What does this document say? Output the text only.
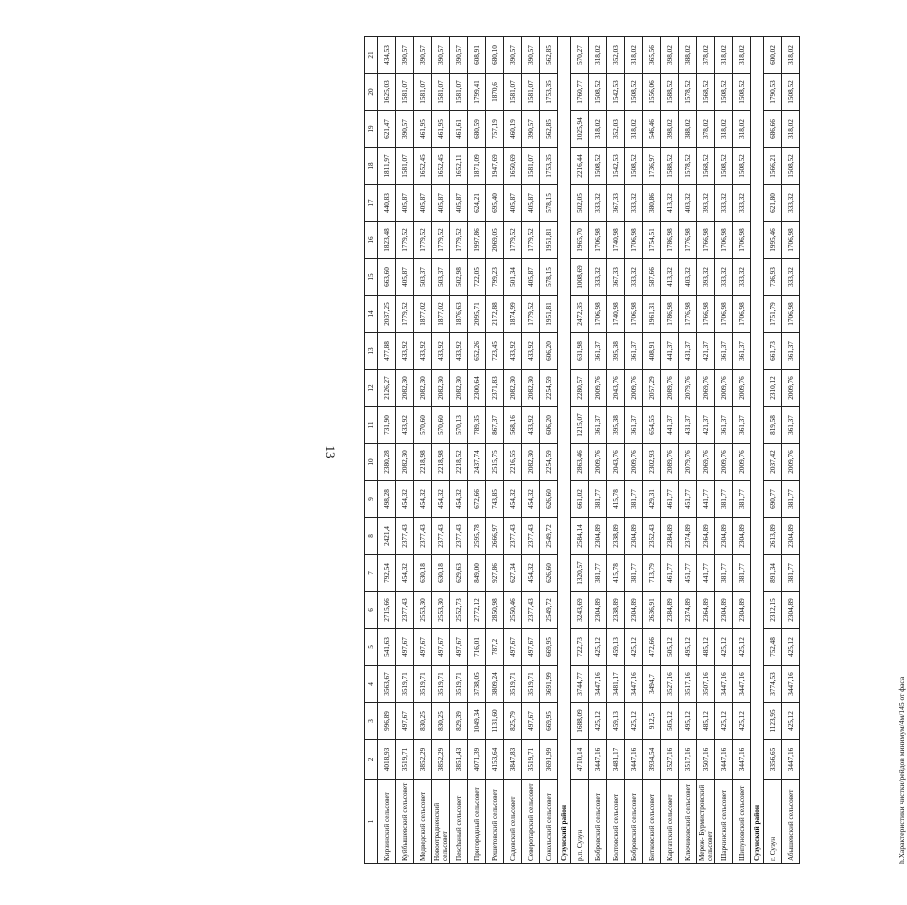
13
1	2	3	4	5	6	7	8	9	10	11	12	13	14	15	16	17	18	19	20	21
Кирзинский сельсовет	4018,93	996,89	3563,67	541,63	2715,66	792,54	2421,4	498,28	2380,28	731,90	2126,27	477,88	2037,25	663,60	1823,48	440,83	1811,97	621,47	1625,03	434,53
Куйбышевский сельсовет	3519,71	497,67	3519,71	497,67	2377,43	454,32	2377,43	454,32	2082,30	433,92	2082,30	433,92	1779,52	405,87	1779,52	405,87	1581,07	390,57	1581,07	390,57
Медведский сельсовет	3852,29	830,25	3519,71	497,67	2553,30	630,18	2377,43	454,32	2218,98	570,60	2082,30	433,92	1877,02	503,37	1779,52	405,87	1652,45	461,95	1581,07	390,57
Новоотрадненский сельсовет	3852,29	830,25	3519,71	497,67	2553,30	630,18	2377,43	454,32	2218,98	570,60	2082,30	433,92	1877,02	503,37	1779,52	405,87	1652,45	461,95	1581,07	390,57
Пеschаный сельсовет	3851,43	829,39	3519,71	497,67	2552,73	629,63	2377,43	454,32	2218,52	570,13	2082,30	433,92	1876,63	502,98	1779,52	405,87	1652,11	461,61	1581,07	390,57
Пригородный сельсовет	4071,39	1049,34	3738,05	716,01	2772,12	849,00	2595,78	672,66	2437,74	789,35	2300,64	652,26	2095,71	722,05	1997,86	624,21	1871,09	680,59	1799,41	608,91
Решетовский сельсовет	4153,64	1131,60	3809,24	787,2	2850,98	927,86	2666,97	743,85	2515,75	867,37	2371,83	723,45	2172,88	799,23	2069,05	695,40	1947,69	757,19	1870,6	680,10
Садовский сельсовет	3847,83	825,79	3519,71	497,67	2550,46	627,34	2377,43	454,32	2216,55	568,16	2082,30	433,92	1874,99	501,34	1779,52	405,87	1650,69	460,19	1581,07	390,57
Северотарский сельсовет	3519,71	497,67	3519,71	497,67	2377,43	454,32	2377,43	454,32	2082,30	433,92	2082,30	433,92	1779,52	405,87	1779,52	405,87	1581,07	390,57	1581,07	390,57
Сокольский сельсовет	3691,99	669,95	3691,99	669,95	2549,72	626,60	2549,72	626,60	2254,59	606,20	2254,59	606,20	1951,81	578,15	1951,81	578,15	1753,35	562,85	1753,35	562,85
Сузунский район																				
р.п. Сузун	4710,14	1688,09	3744,77	722,73	3243,69	1320,57	2584,14	661,02	2863,46	1215,07	2280,57	631,98	2472,35	1008,69	1965,70	502,05	2216,44	1025,94	1760,77	570,27
Бобровский сельсовет	3447,16	425,12	3447,16	425,12	2304,89	381,77	2304,89	381,77	2009,76	361,37	2009,76	361,37	1706,98	333,32	1706,98	333,32	1508,52	318,02	1508,52	318,02
Болтовский сельсовет	3481,17	459,13	3481,17	459,13	2338,89	415,78	2338,89	415,78	2043,76	395,38	2043,76	395,38	1740,98	367,33	1740,98	367,33	1542,53	352,03	1542,53	352,03
Бобровский сельсовет	3447,16	425,12	3447,16	425,12	2304,89	381,77	2304,89	381,77	2009,76	361,37	2009,76	361,37	1706,98	333,32	1706,98	333,32	1508,52	318,02	1508,52	318,02
Битковский сельсовет	3934,54	912,5	3494,7	472,66	2636,91	713,79	2352,43	429,31	2302,93	654,55	2057,29	408,91	1961,31	587,66	1754,51	380,86	1736,97	546,46	1556,06	365,56
Каргатский сельсовет	3527,16	505,12	3527,16	505,12	2384,89	461,77	2384,89	461,77	2089,76	441,37	2089,76	441,37	1786,98	413,32	1786,98	413,32	1588,52	398,02	1588,52	398,02
Ключиковский сельсовет	3517,16	495,12	3517,16	495,12	2374,89	451,77	2374,89	451,77	2079,76	431,37	2079,76	431,37	1776,98	403,32	1776,98	403,32	1578,52	388,02	1578,52	388,02
Мереж- Бурмистровский сельсовет	3507,16	485,12	3507,16	485,12	2364,89	441,77	2364,89	441,77	2069,76	421,37	2069,76	421,37	1766,98	393,32	1766,98	393,32	1568,52	378,02	1568,52	378,02
Шарчинский сельсовет	3447,16	425,12	3447,16	425,12	2304,89	381,77	2304,89	381,77	2009,76	361,37	2009,76	361,37	1706,98	333,32	1706,98	333,32	1508,52	318,02	1508,52	318,02
Шипуновский сельсовет	3447,16	425,12	3447,16	425,12	2304,89	381,77	2304,89	381,77	2009,76	361,37	2009,76	361,37	1706,98	333,32	1706,98	333,32	1508,52	318,02	1508,52	318,02
Сузунский район																				
г. Сузун	3356,65	1123,95	3774,53	752,48	2312,15	891,34	2613,89	690,77	2037,42	819,58	2310,12	661,73	1751,79	736,93	1995,46	621,80	1566,21	686,66	1790,53	600,02
Абышевский сельсовет	3447,16	425,12	3447,16	425,12	2304,89	381,77	2304,89	381,77	2009,76	361,37	2009,76	361,37	1706,98	333,32	1706,98	333,32	1508,52	318,02	1508,52	318,02
h.Характеристики чистки/рейдов минимум/4м/145 от фаса
